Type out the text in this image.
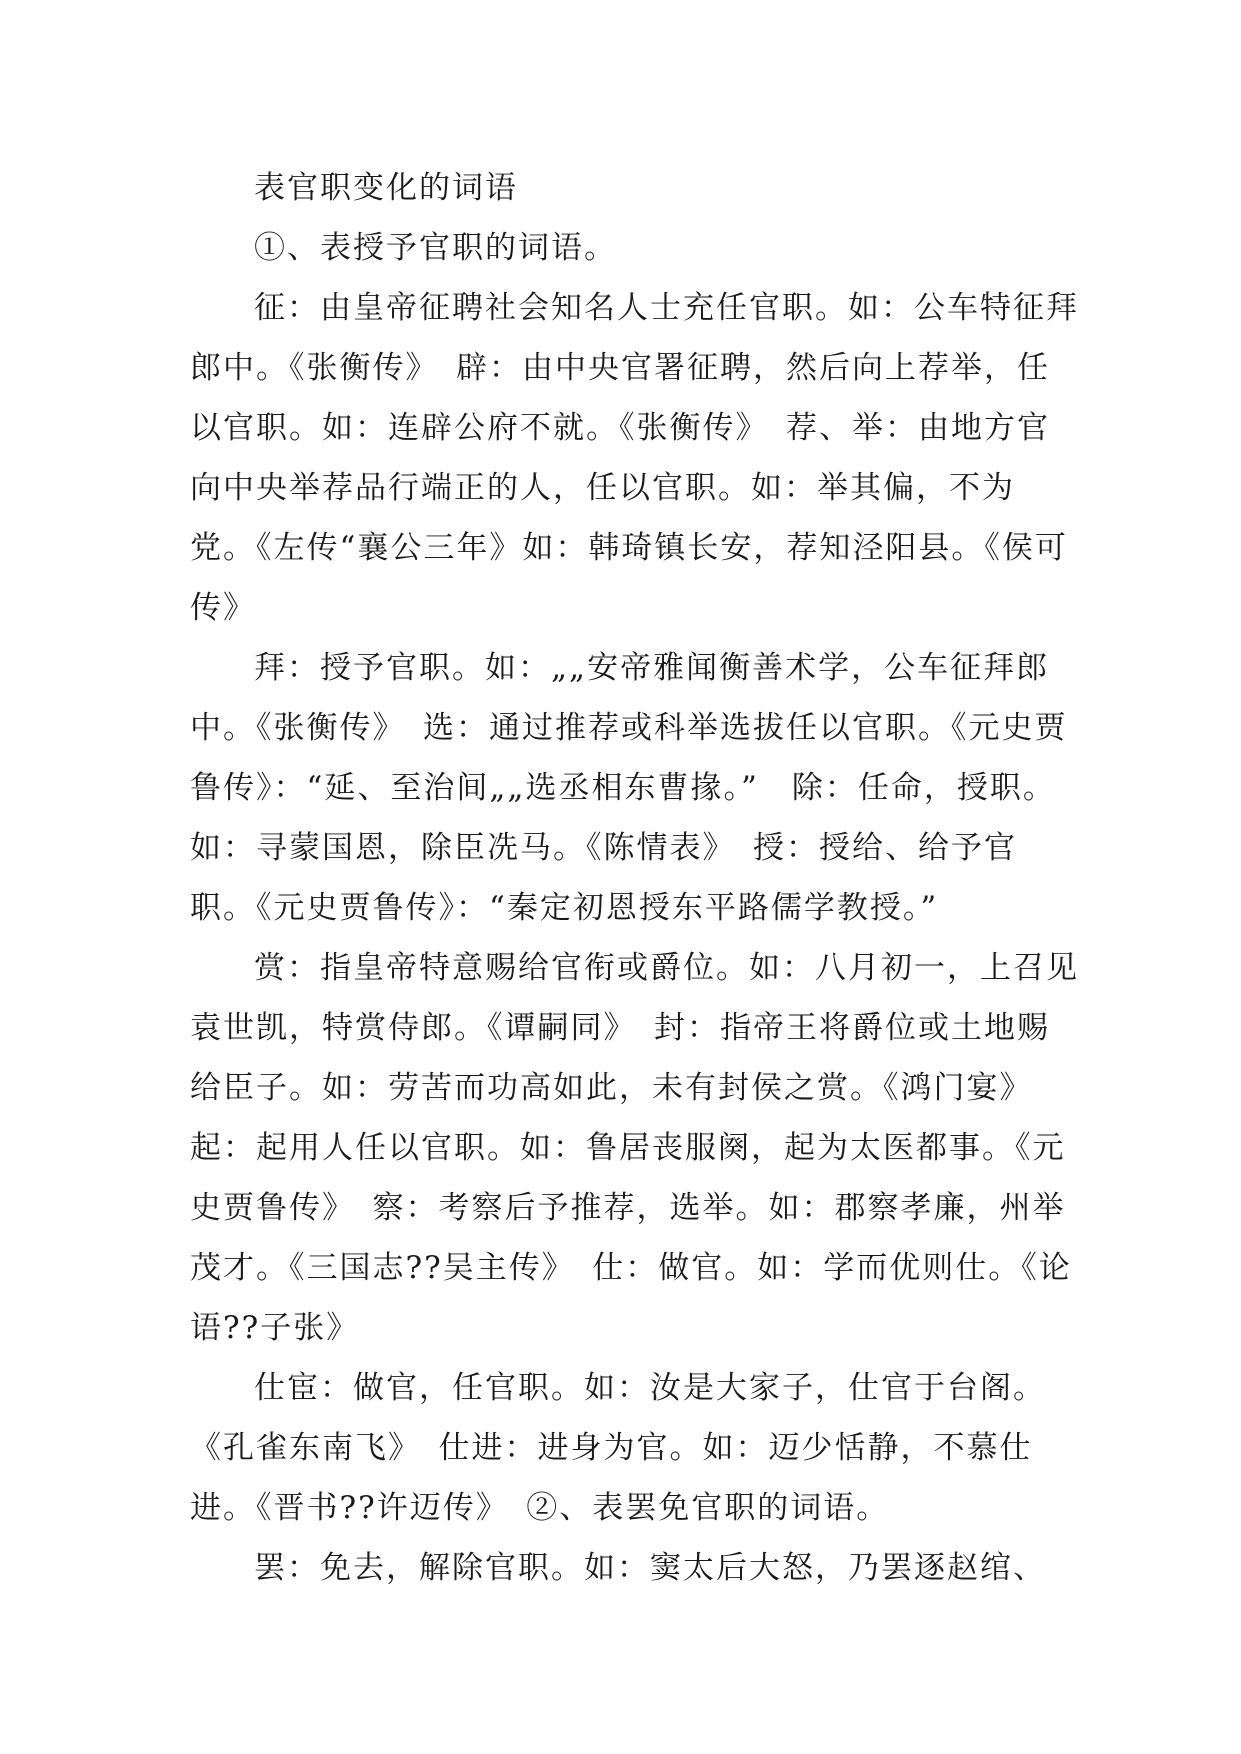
表官职变化的词语

①、表授予官职的词语。

征：由皇帝征聘社会知名人士充任官职。如：公车特征拜郎中。《张衡传》　辟：由中央官署征聘，然后向上荐举，任以官职。如：连辟公府不就。《张衡传》　荐、举：由地方官向中央举荐品行端正的人，任以官职。如：举其偏，不为党。《左传“襄公三年》如：韩琦镇长安，荐知泾阳县。《侯可传》

拜：授予官职。如：„„安帝雅闻衡善术学，公车征拜郎中。《张衡传》　选：通过推荐或科举选拔任以官职。《元史贾鲁传》：“延、至治间„„选丞相东曹掾。”　除：任命，授职。如：寻蒙国恩，除臣冼马。《陈情表》　授：授给、给予官职。《元史贾鲁传》：“秦定初恩授东平路儒学教授。”

赏：指皇帝特意赐给官衔或爵位。如：八月初一，上召见袁世凯，特赏侍郎。《谭嗣同》　封：指帝王将爵位或土地赐给臣子。如：劳苦而功高如此，未有封侯之赏。《鸿门宴》起：起用人任以官职。如：鲁居丧服阕，起为太医都事。《元史贾鲁传》　察：考察后予推荐，选举。如：郡察孝廉，州举茂才。《三国志??吴主传》　仕：做官。如：学而优则仕。《论语??子张》

仕宦：做官，任官职。如：汝是大家子，仕官于台阁。《孔雀东南飞》　仕进：进身为官。如：迈少恬静，不慕仕进。《晋书??许迈传》　②、表罢免官职的词语。

罢：免去，解除官职。如：窦太后大怒，乃罢逐赵绾、
